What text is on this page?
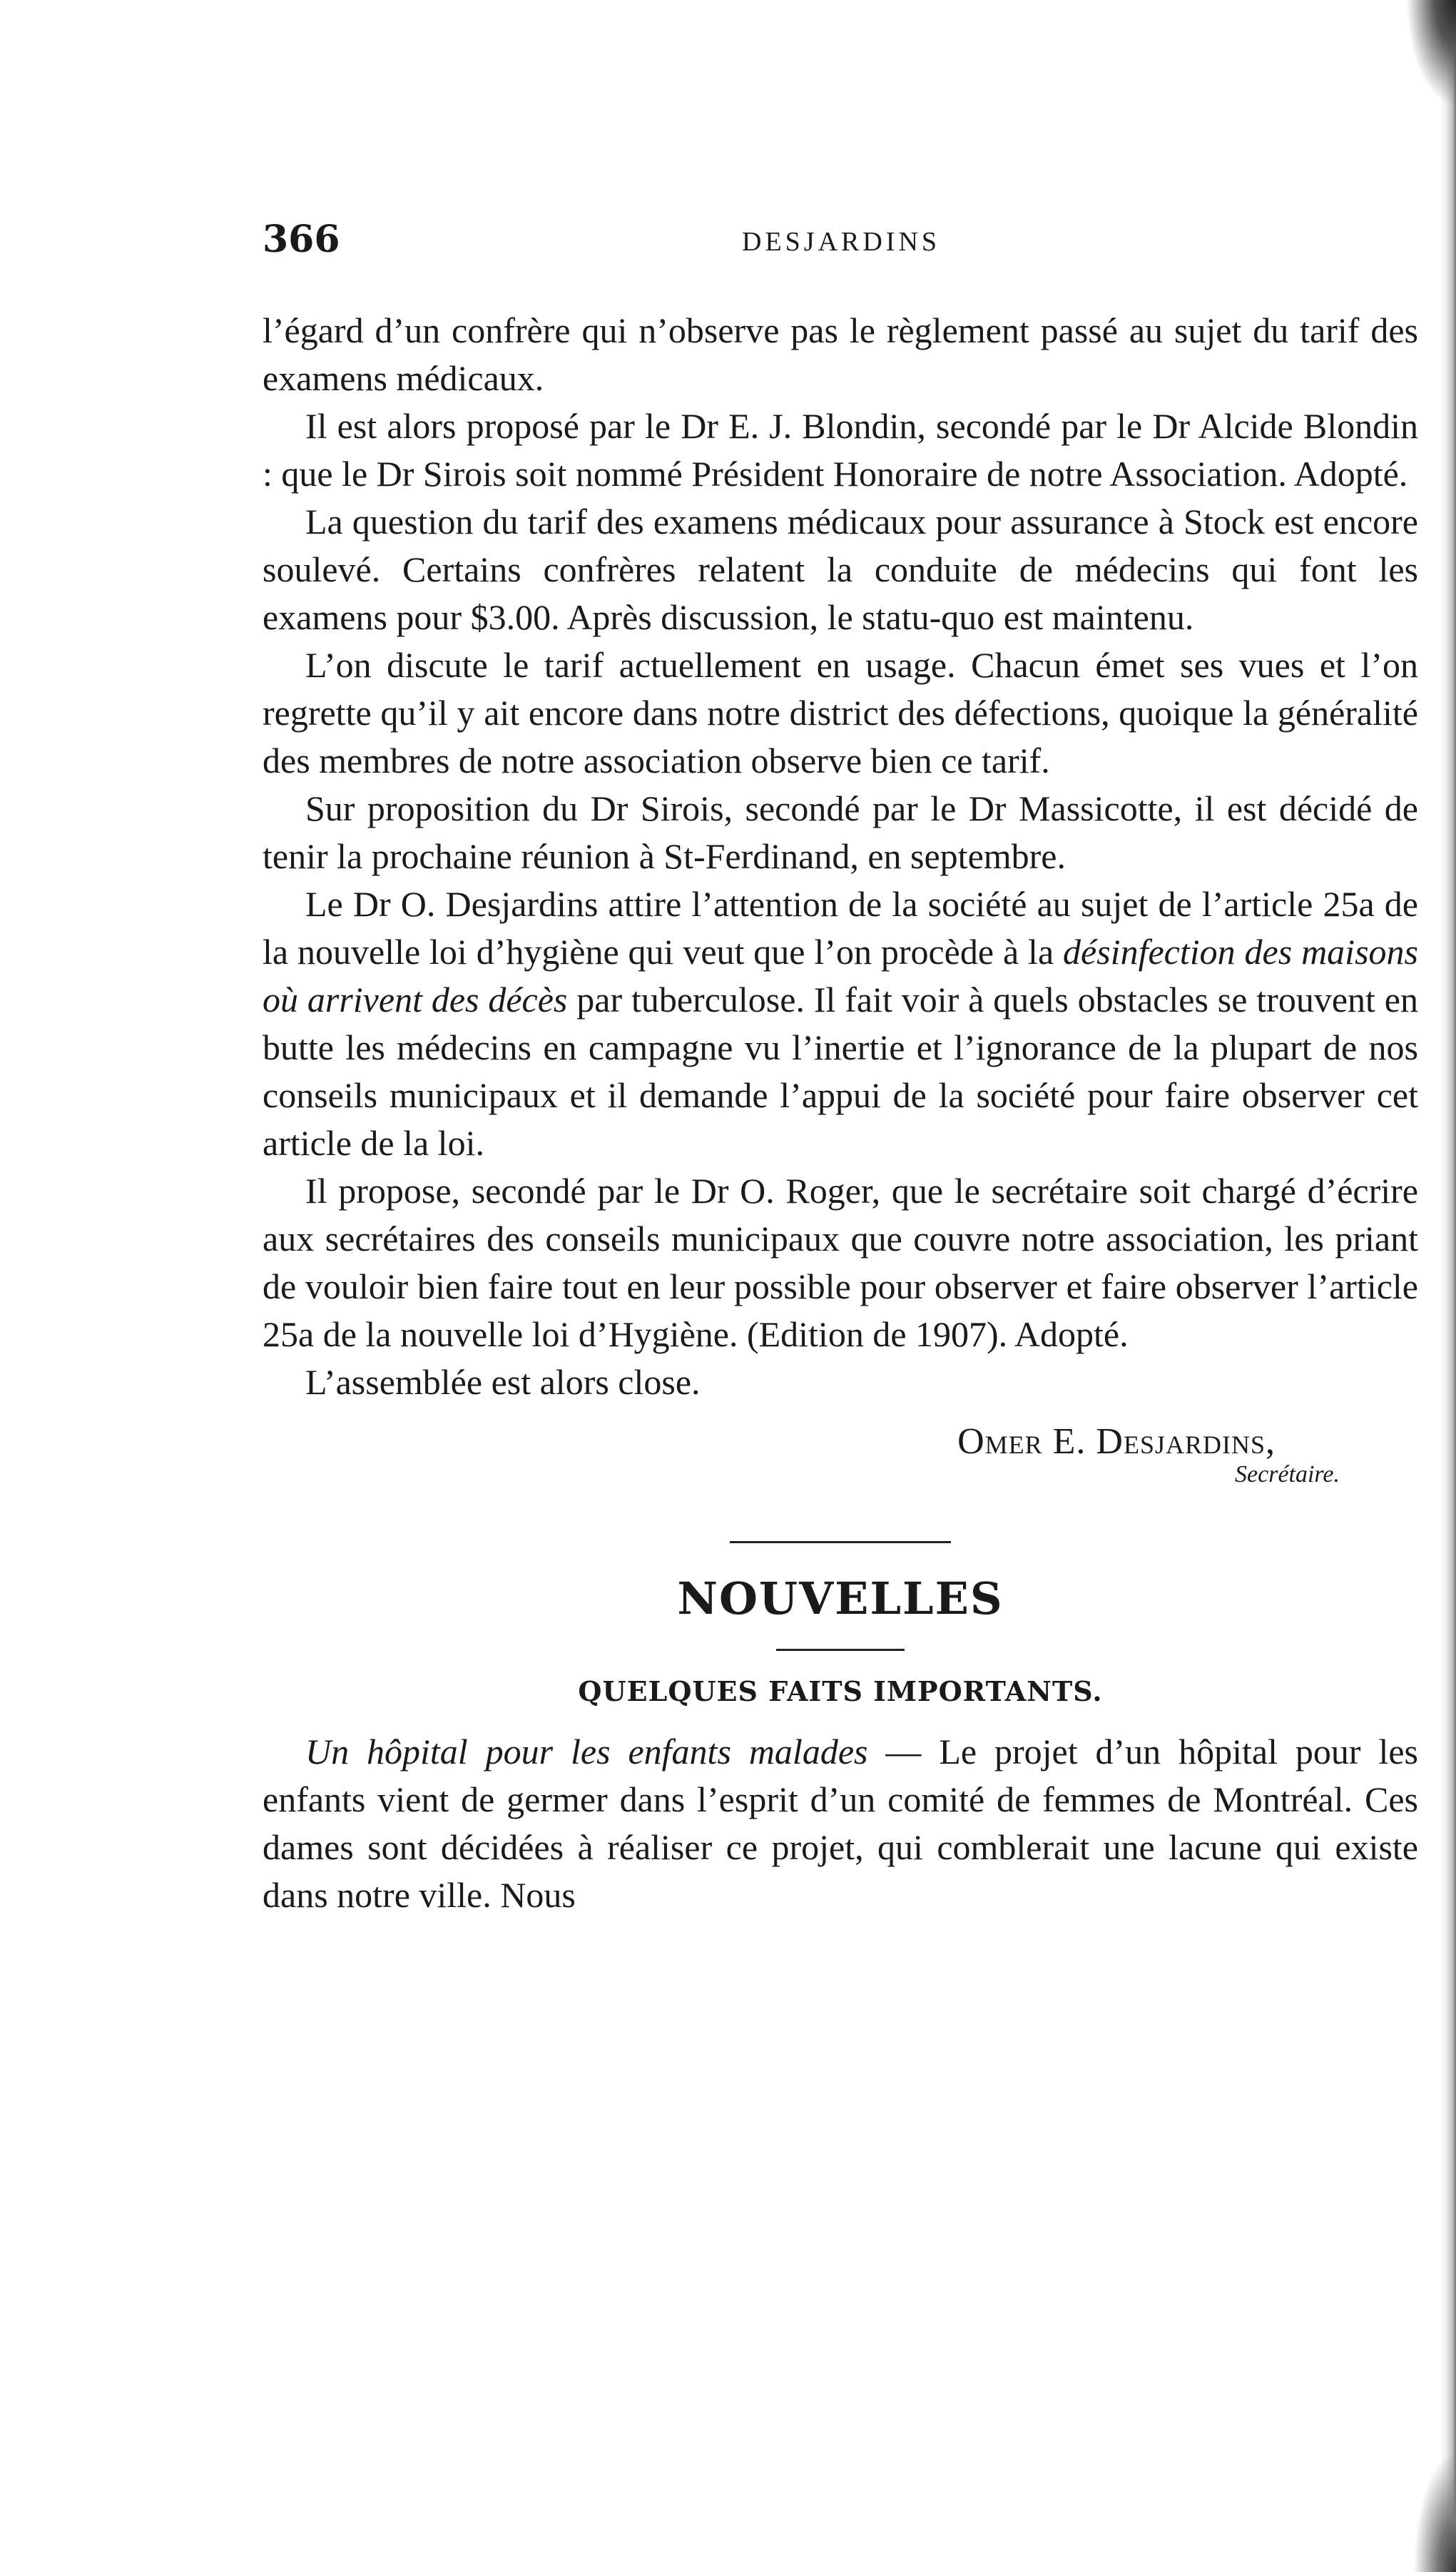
366	DESJARDINS

l’égard d’un confrère qui n’observe pas le règlement passé au sujet du tarif des examens médicaux.

Il est alors proposé par le Dr E. J. Blondin, secondé par le Dr Alcide Blondin : que le Dr Sirois soit nommé Président Honoraire de notre Association. Adopté.

La question du tarif des examens médicaux pour assurance à Stock est encore soulevé. Certains confrères relatent la conduite de médecins qui font les examens pour $3.00. Après discussion, le statu-quo est maintenu.

L’on discute le tarif actuellement en usage. Chacun émet ses vues et l’on regrette qu’il y ait encore dans notre district des défections, quoique la généralité des membres de notre association observe bien ce tarif.

Sur proposition du Dr Sirois, secondé par le Dr Massicotte, il est décidé de tenir la prochaine réunion à St-Ferdinand, en septembre.

Le Dr O. Desjardins attire l’attention de la société au sujet de l’article 25a de la nouvelle loi d’hygiène qui veut que l’on procède à la désinfection des maisons où arrivent des décès par tuberculose. Il fait voir à quels obstacles se trouvent en butte les médecins en campagne vu l’inertie et l’ignorance de la plupart de nos conseils municipaux et il demande l’appui de la société pour faire observer cet article de la loi.

Il propose, secondé par le Dr O. Roger, que le secrétaire soit chargé d’écrire aux secrétaires des conseils municipaux que couvre notre association, les priant de vouloir bien faire tout en leur possible pour observer et faire observer l’article 25a de la nouvelle loi d’Hygiène. (Edition de 1907). Adopté.

L’assemblée est alors close.

Omer E. Desjardins,
Secrétaire.
NOUVELLES
QUELQUES FAITS IMPORTANTS.

Un hôpital pour les enfants malades — Le projet d’un hôpital pour les enfants vient de germer dans l’esprit d’un comité de femmes de Montréal. Ces dames sont décidées à réaliser ce projet, qui comblerait une lacune qui existe dans notre ville. Nous
